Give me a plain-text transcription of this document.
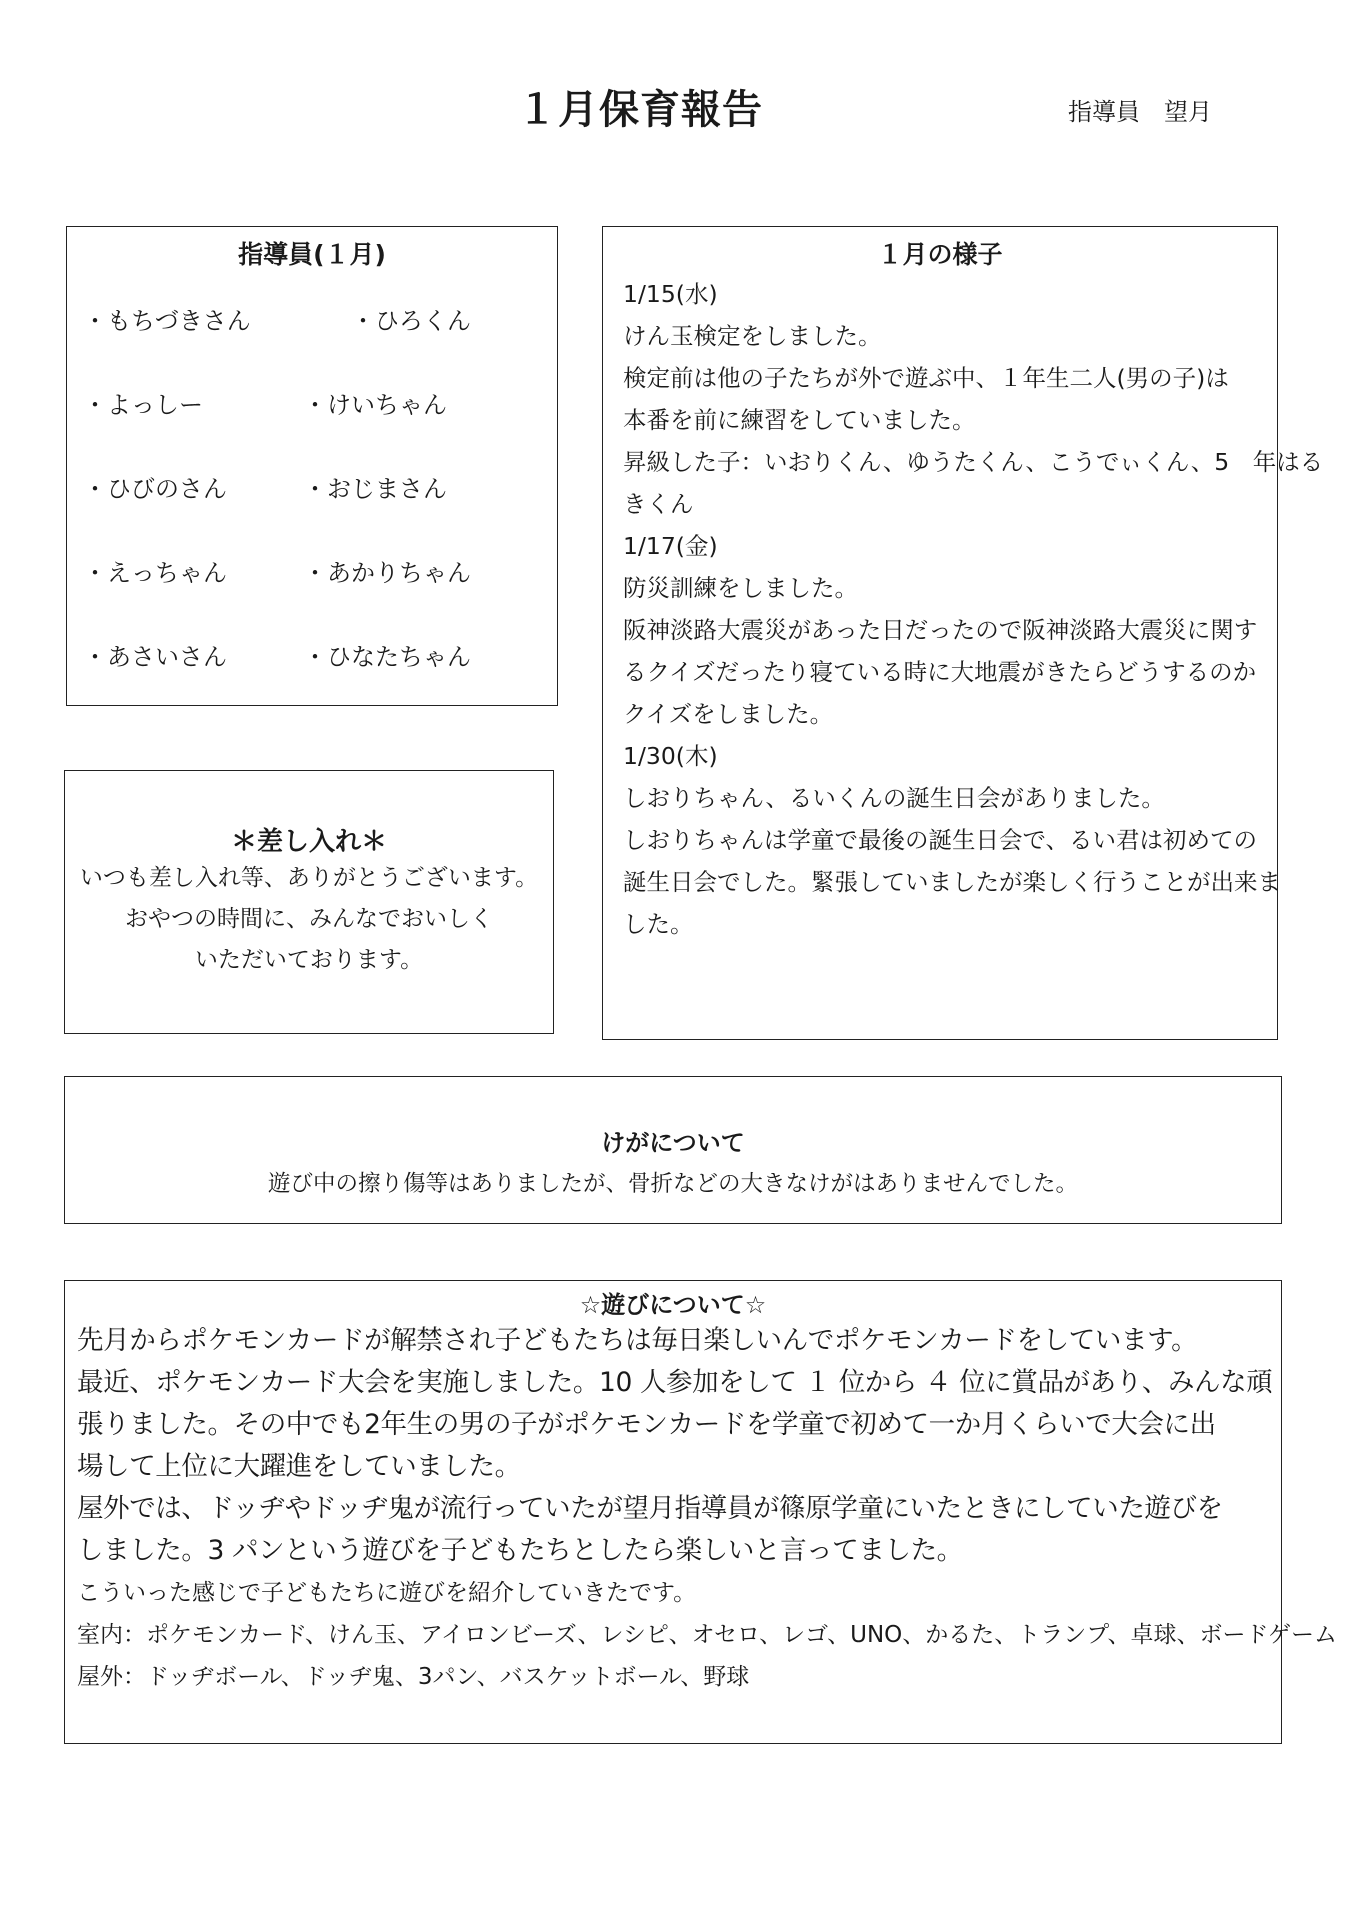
１月保育報告	指導員　望月
指導員(１月)
・もちづきさん	・ひろくん
・よっしー	・けいちゃん
・ひびのさん	・おじまさん
・えっちゃん	・あかりちゃん
・あさいさん	・ひなたちゃん
１月の様子
1/15(水)
けん玉検定をしました。
検定前は他の子たちが外で遊ぶ中、１年生二人(男の子)は
本番を前に練習をしていました。
昇級した子：いおりくん、ゆうたくん、こうでぃくん、5　年はる
きくん
1/17(金)
防災訓練をしました。
阪神淡路大震災があった日だったので阪神淡路大震災に関す
るクイズだったり寝ている時に大地震がきたらどうするのか
クイズをしました。
1/30(木)
しおりちゃん、るいくんの誕生日会がありました。
しおりちゃんは学童で最後の誕生日会で、るい君は初めての
誕生日会でした。緊張していましたが楽しく行うことが出来ま
した。
＊差し入れ＊
いつも差し入れ等、ありがとうございます。
おやつの時間に、みんなでおいしく
いただいております。
けがについて
遊び中の擦り傷等はありましたが、骨折などの大きなけがはありませんでした。
☆遊びについて☆
先月からポケモンカードが解禁され子どもたちは毎日楽しいんでポケモンカードをしています。
最近、ポケモンカード大会を実施しました。10 人参加をして １ 位から ４ 位に賞品があり、みんな頑
張りました。その中でも2年生の男の子がポケモンカードを学童で初めて一か月くらいで大会に出
場して上位に大躍進をしていました。
屋外では、ドッヂやドッヂ鬼が流行っていたが望月指導員が篠原学童にいたときにしていた遊びを
しました。3 パンという遊びを子どもたちとしたら楽しいと言ってました。
こういった感じで子どもたちに遊びを紹介していきたです。
室内：ポケモンカード、けん玉、アイロンビーズ、レシピ、オセロ、レゴ、UNO、かるた、トランプ、卓球、ボードゲーム
屋外：ドッヂボール、ドッヂ鬼、3パン、バスケットボール、野球
